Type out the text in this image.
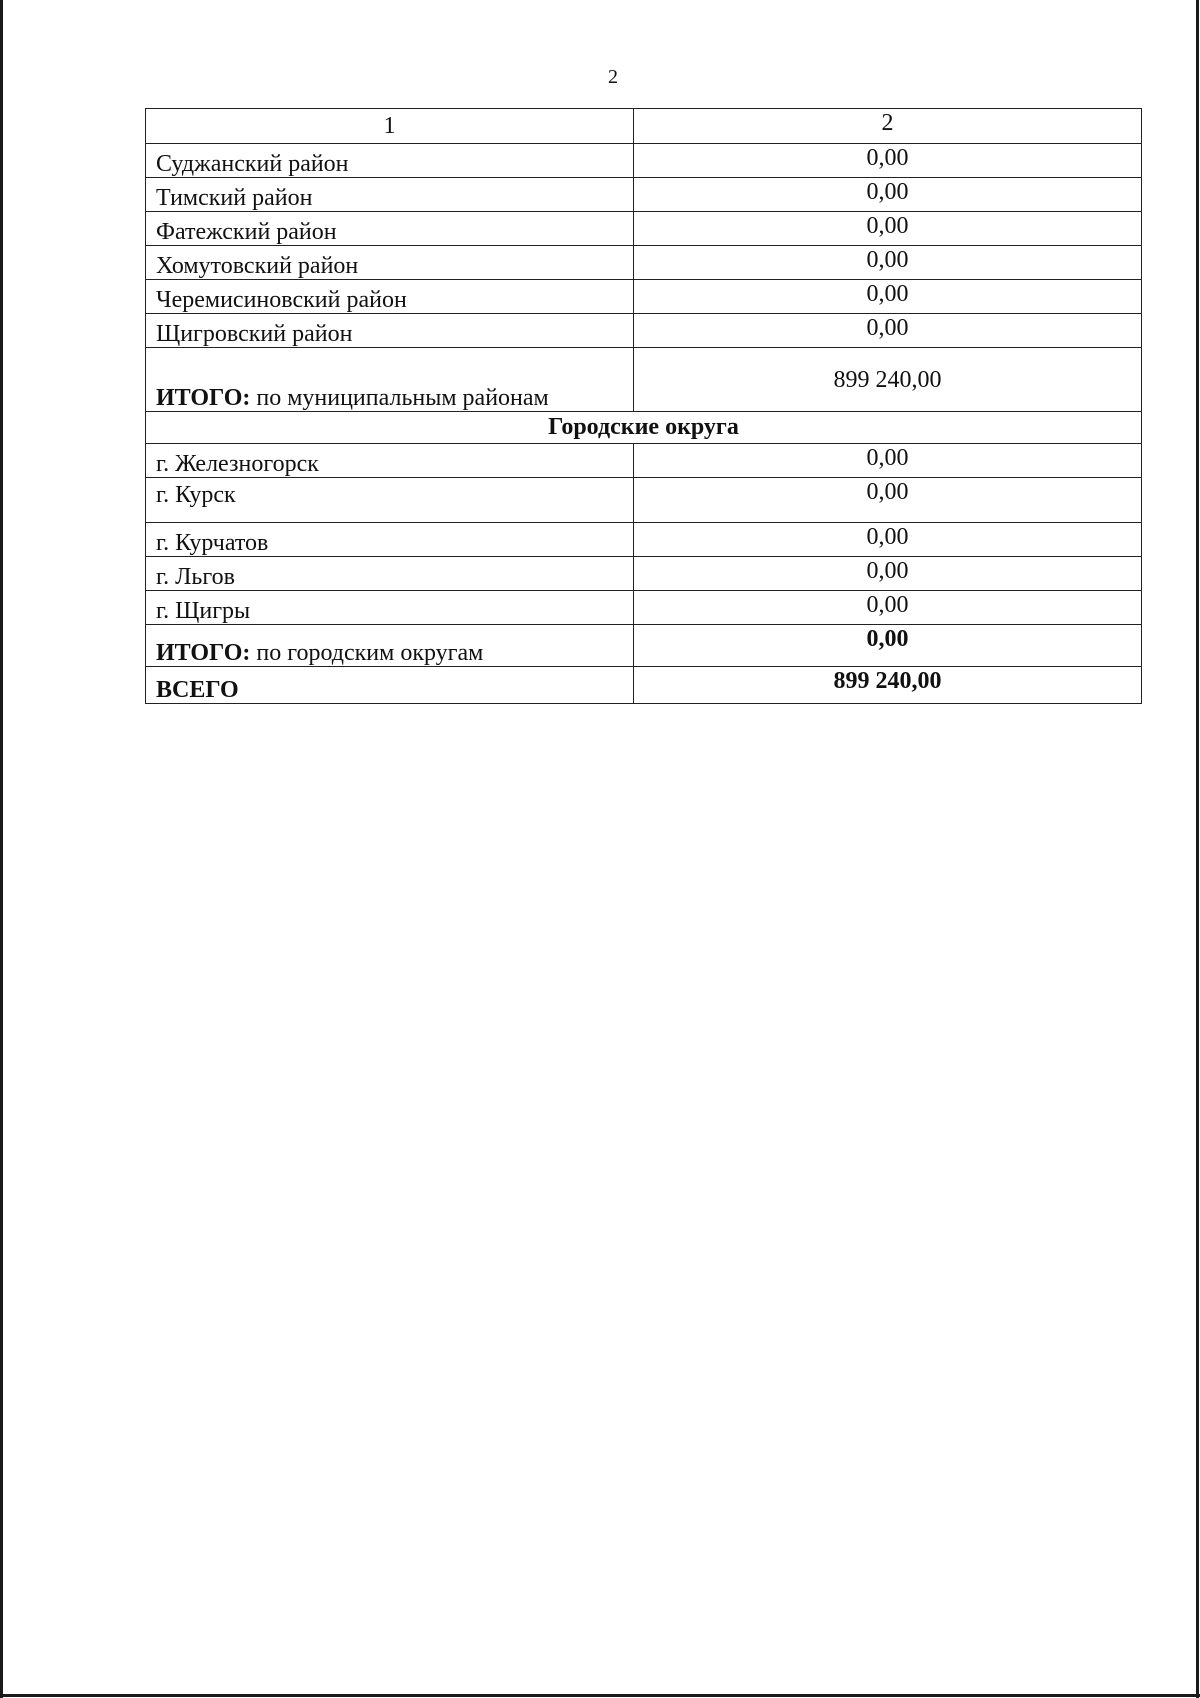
2
1	2
Суджанский район	0,00
Тимский район	0,00
Фатежский район	0,00
Хомутовский район	0,00
Черемисиновский район	0,00
Щигровский район	0,00
ИТОГО: по муниципальным районам	899 240,00
Городские округа	
г. Железногорск	0,00
г. Курск	0,00
г. Курчатов	0,00
г. Льгов	0,00
г. Щигры	0,00
ИТОГО: по городским округам	0,00
ВСЕГО	899 240,00
